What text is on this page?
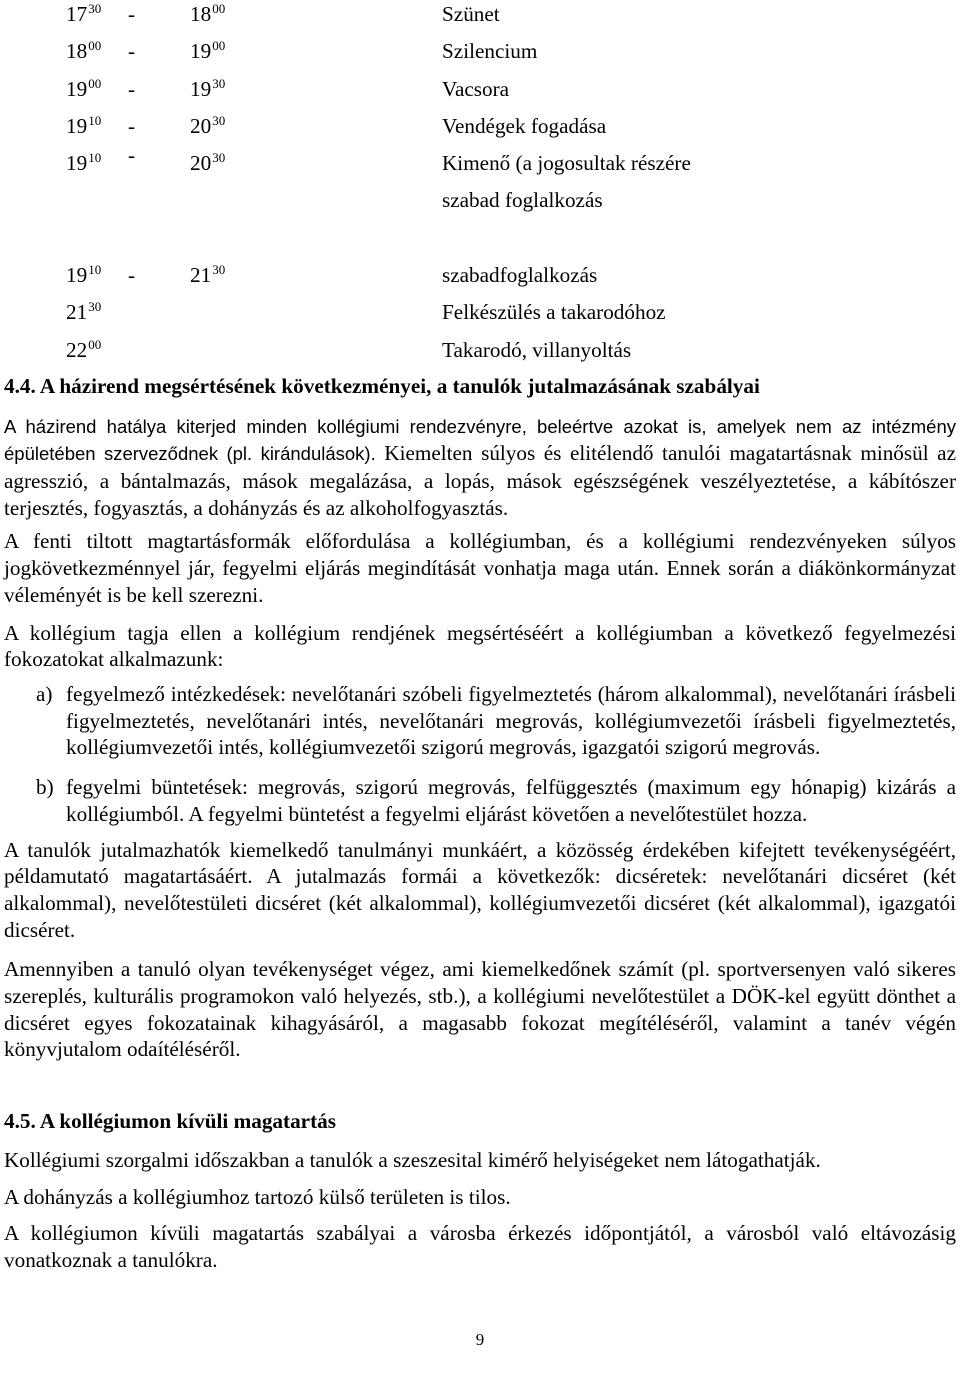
$17^{30}$ -	$18^{00}$	Szünet
$18^{00}$ -	$19^{00}$	Szilencium
$19^{00}$ -	$19^{30}$	Vacsora
$19^{10}$ -	$20^{30}$	Vendégek fogadása
$19^{10}$ -	$20^{30}$	Kimenő (a jogosultak részére
szabad foglalkozás
$19^{10}$ -	$21^{30}$	szabadfoglalkozás
$21^{30}$	Felkészülés a takarodóhoz
$22^{00}$	Takarodó, villanyoltás
4.4. A házirend megsértésének következményei, a tanulók jutalmazásának szabályai

A házirend hatálya kiterjed minden kollégiumi rendezvényre, beleértve azokat is, amelyek nem az intézmény épületében szerveződnek (pl. kirándulások). Kiemelten súlyos és elitélendő tanulói magatartásnak minősül az agresszió, a bántalmazás, mások megalázása, a lopás, mások egészségének veszélyeztetése, a kábítószer terjesztés, fogyasztás, a dohányzás és az alkoholfogyasztás.

A fenti tiltott magtartásformák előfordulása a kollégiumban, és a kollégiumi rendezvényeken súlyos jogkövetkezménnyel jár, fegyelmi eljárás megindítását vonhatja maga után. Ennek során a diákönkormányzat véleményét is be kell szerezni.

A kollégium tagja ellen a kollégium rendjének megsértéséért a kollégiumban a következő fegyelmezési fokozatokat alkalmazunk:

a) fegyelmező intézkedések: nevelőtanári szóbeli figyelmeztetés (három alkalommal), nevelőtanári írásbeli figyelmeztetés, nevelőtanári intés, nevelőtanári megrovás, kollégiumvezetői írásbeli figyelmeztetés, kollégiumvezetői intés, kollégiumvezetői szigorú megrovás, igazgatói szigorú megrovás.
b) fegyelmi büntetések: megrovás, szigorú megrovás, felfüggesztés (maximum egy hónapig) kizárás a kollégiumból. A fegyelmi büntetést a fegyelmi eljárást követően a nevelőtestület hozza.

A tanulók jutalmazhatók kiemelkedő tanulmányi munkáért, a közösség érdekében kifejtett tevékenységéért, példamutató magatartásáért. A jutalmazás formái a következők: dicséretek: nevelőtanári dicséret (két alkalommal), nevelőtestületi dicséret (két alkalommal), kollégiumvezetői dicséret (két alkalommal), igazgatói dicséret.

Amennyiben a tanuló olyan tevékenységet végez, ami kiemelkedőnek számít (pl. sportversenyen való sikeres szereplés, kulturális programokon való helyezés, stb.), a kollégiumi nevelőtestület a DÖK-kel együtt dönthet a dicséret egyes fokozatainak kihagyásáról, a magasabb fokozat megítéléséről, valamint a tanév végén könyvjutalom odaítéléséről.

4.5. A kollégiumon kívüli magatartás

Kollégiumi szorgalmi időszakban a tanulók a szeszesital kimérő helyiségeket nem látogathatják.

A dohányzás a kollégiumhoz tartozó külső területen is tilos.

A kollégiumon kívüli magatartás szabályai a városba érkezés időpontjától, a városból való eltávozásig vonatkoznak a tanulókra.

9
